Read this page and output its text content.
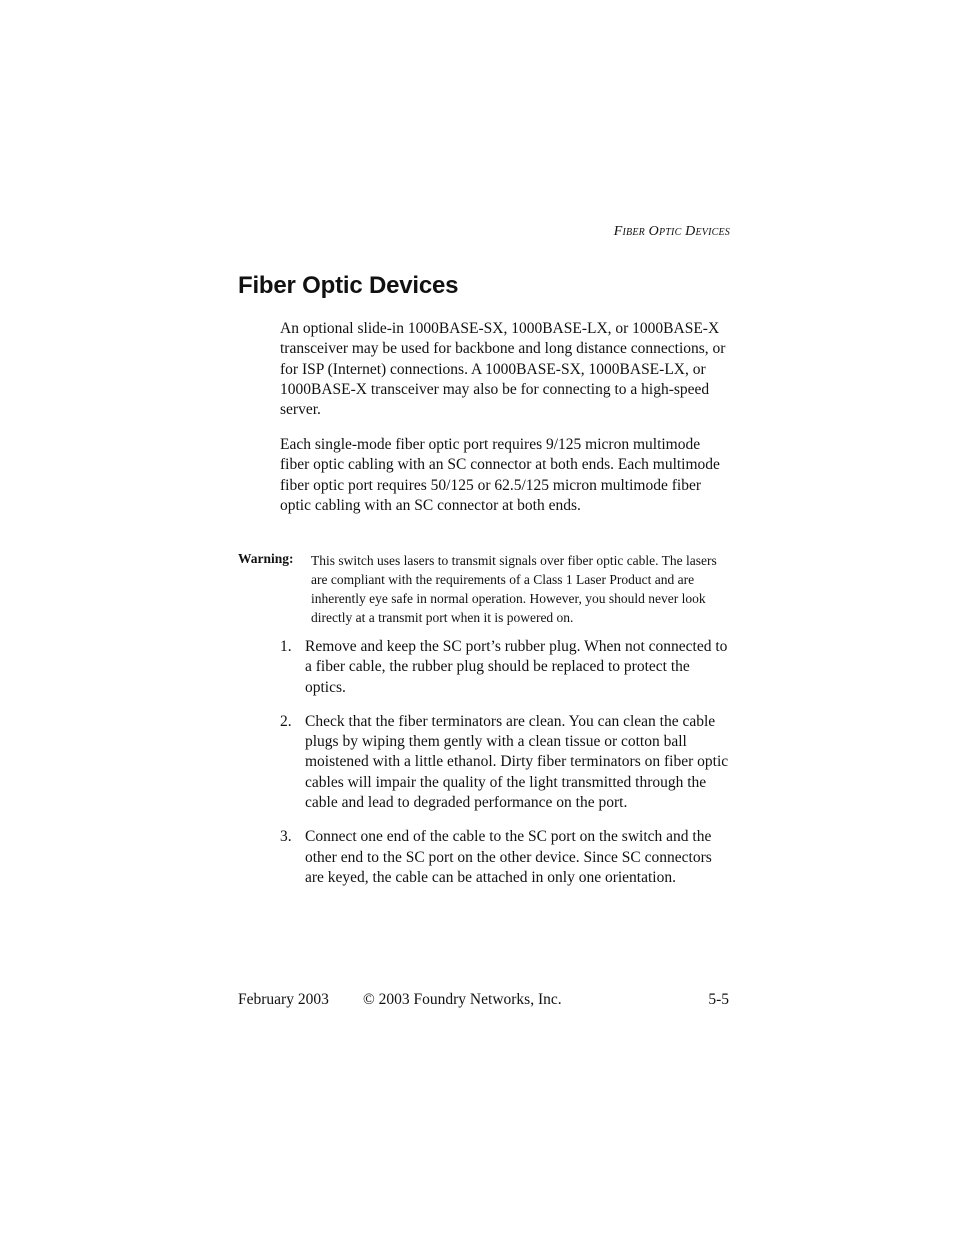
Fiber Optic Devices
Fiber Optic Devices

An optional slide-in 1000BASE-SX, 1000BASE-LX, or 1000BASE-X transceiver may be used for backbone and long distance connections, or for ISP (Internet) connections. A 1000BASE-SX, 1000BASE-LX, or 1000BASE-X transceiver may also be for connecting to a high-speed server.

Each single-mode fiber optic port requires 9/125 micron multimode fiber optic cabling with an SC connector at both ends. Each multimode fiber optic port requires 50/125 or 62.5/125 micron multimode fiber optic cabling with an SC connector at both ends.

Warning: This switch uses lasers to transmit signals over fiber optic cable. The lasers are compliant with the requirements of a Class 1 Laser Product and are inherently eye safe in normal operation. However, you should never look directly at a transmit port when it is powered on.

1. Remove and keep the SC port’s rubber plug. When not connected to a fiber cable, the rubber plug should be replaced to protect the optics.
2. Check that the fiber terminators are clean. You can clean the cable plugs by wiping them gently with a clean tissue or cotton ball moistened with a little ethanol. Dirty fiber terminators on fiber optic cables will impair the quality of the light transmitted through the cable and lead to degraded performance on the port.
3. Connect one end of the cable to the SC port on the switch and the other end to the SC port on the other device. Since SC connectors are keyed, the cable can be attached in only one orientation.
February 2003 © 2003 Foundry Networks, Inc.	5-5
